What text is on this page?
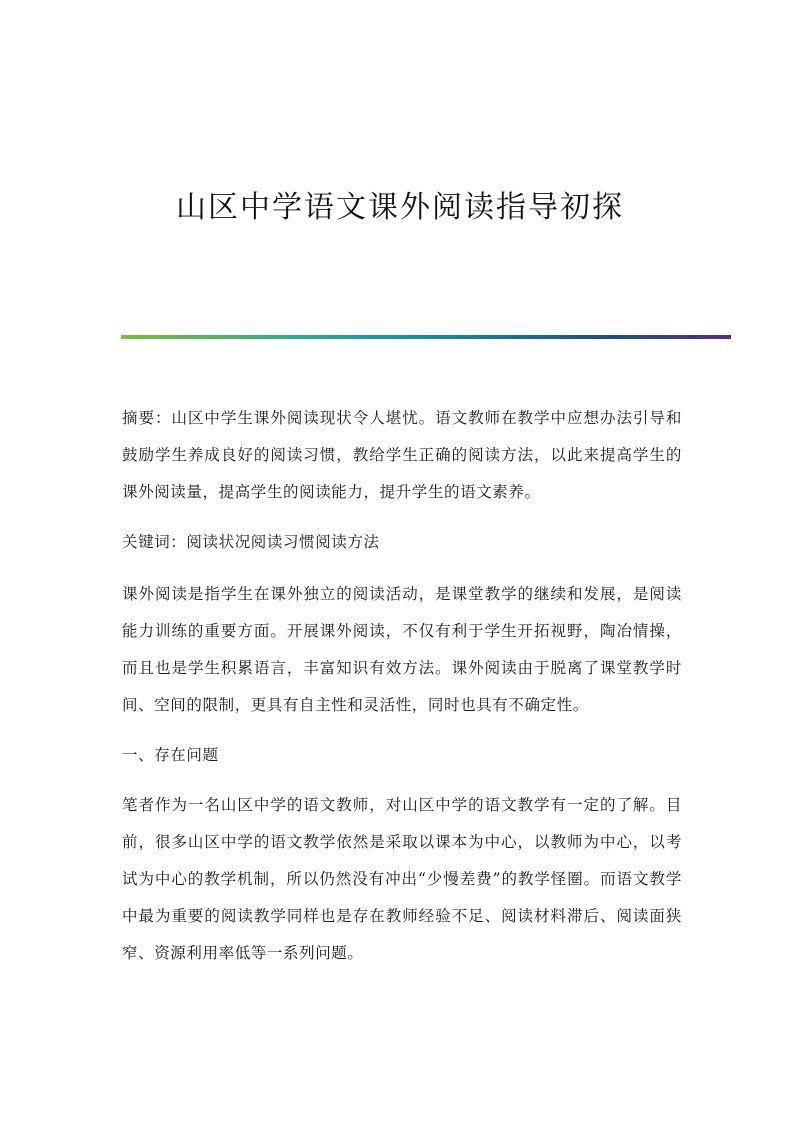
山区中学语文课外阅读指导初探

摘要：山区中学生课外阅读现状令人堪忧。语文教师在教学中应想办法引导和鼓励学生养成良好的阅读习惯，教给学生正确的阅读方法，以此来提高学生的课外阅读量，提高学生的阅读能力，提升学生的语文素养。

关键词：阅读状况阅读习惯阅读方法

课外阅读是指学生在课外独立的阅读活动，是课堂教学的继续和发展，是阅读能力训练的重要方面。开展课外阅读，不仅有利于学生开拓视野，陶冶情操，而且也是学生积累语言，丰富知识有效方法。课外阅读由于脱离了课堂教学时间、空间的限制，更具有自主性和灵活性，同时也具有不确定性。

一、存在问题

笔者作为一名山区中学的语文教师，对山区中学的语文教学有一定的了解。目前，很多山区中学的语文教学依然是采取以课本为中心，以教师为中心，以考试为中心的教学机制，所以仍然没有冲出“少慢差费”的教学怪圈。而语文教学中最为重要的阅读教学同样也是存在教师经验不足、阅读材料滞后、阅读面狭窄、资源利用率低等一系列问题。
